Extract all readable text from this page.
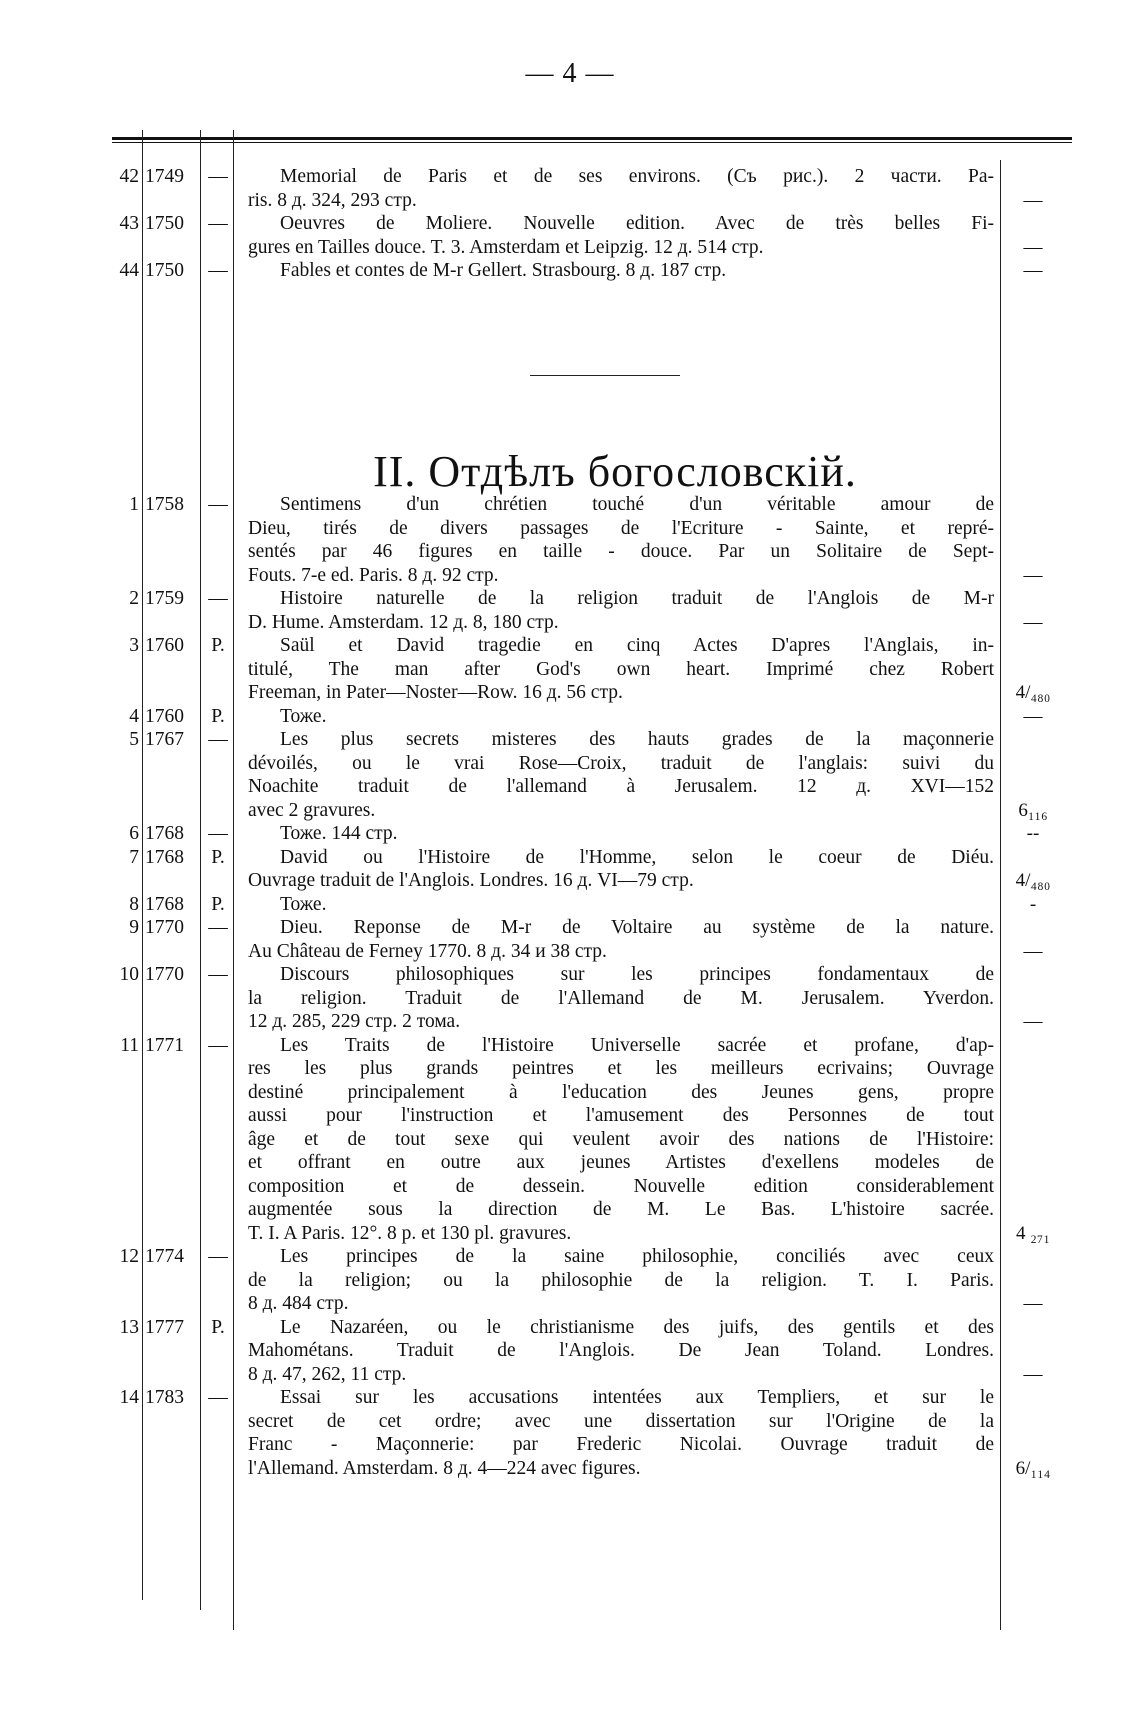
— 4 —
42 1749	—	Memorial de Paris et de ses environs. (Съ рис.). 2 части. Pa-
ris. 8 д. 324, 293 стр.	—
43 1750	—	Oeuvres de Moliere. Nouvelle edition. Avec de très belles Fi-
gures en Tailles douce. T. 3. Amsterdam et Leipzig. 12 д. 514 стр.	—
44 1750	—	Fables et contes de M-r Gellert. Strasbourg. 8 д. 187 стр.	—
II. Отдѣлъ богословскій.
1 1758	—	Sentimens d'un chrétien touché d'un véritable amour de
Dieu, tirés de divers passages de l'Ecriture - Sainte, et repré-
sentés par 46 figures en taille - douce. Par un Solitaire de Sept-
Fouts. 7-e ed. Paris. 8 д. 92 стр.	—
2 1759	—	Histoire naturelle de la religion traduit de l'Anglois de M-r
D. Hume. Amsterdam. 12 д. 8, 180 стр.	—
3 1760	P.	Saül et David tragedie en cinq Actes D'apres l'Anglais, in-
titulé, The man after God's own heart. Imprimé chez Robert
Freeman, in Pater—Noster—Row. 16 д. 56 стр.	4/₄₈₀
4 1760	P.	Тоже.	—
5 1767	—	Les plus secrets misteres des hauts grades de la maçonnerie
dévoilés, ou le vrai Rose—Croix, traduit de l'anglais: suivi du
Noachite traduit de l'allemand à Jerusalem. 12 д. XVI—152
avec 2 gravures.	6₁₁₆
6 1768	—	Тоже. 144 стр.	--
7 1768	P.	David ou l'Histoire de l'Homme, selon le coeur de Diéu.
Ouvrage traduit de l'Anglois. Londres. 16 д. VI—79 стр.	4/₄₈₀
8 1768	P.	Тоже.	-
9 1770	—	Dieu. Reponse de M-r de Voltaire au système de la nature.
Au Château de Ferney 1770. 8 д. 34 и 38 стр.	—
10 1770	—	Discours philosophiques sur les principes fondamentaux de
la religion. Traduit de l'Allemand de M. Jerusalem. Yverdon.
12 д. 285, 229 стр. 2 тома.	—
11 1771	—	Les Traits de l'Histoire Universelle sacrée et profane, d'ap-
res les plus grands peintres et les meilleurs ecrivains; Ouvrage
destiné principalement à l'education des Jeunes gens, propre
aussi pour l'instruction et l'amusement des Personnes de tout
âge et de tout sexe qui veulent avoir des nations de l'Histoire:
et offrant en outre aux jeunes Artistes d'exellens modeles de
composition et de dessein. Nouvelle edition considerablement
augmentée sous la direction de M. Le Bas. L'histoire sacrée.
T. I. A Paris. 12°. 8 p. et 130 pl. gravures.	4 ₂₇₁
12 1774	—	Les principes de la saine philosophie, conciliés avec ceux
de la religion; ou la philosophie de la religion. T. I. Paris.
8 д. 484 стр.	—
13 1777	P.	Le Nazaréen, ou le christianisme des juifs, des gentils et des
Mahométans. Traduit de l'Anglois. De Jean Toland. Londres.
8 д. 47, 262, 11 стр.	—
14 1783	—	Essai sur les accusations intentées aux Templiers, et sur le
secret de cet ordre; avec une dissertation sur l'Origine de la
Franc - Maçonnerie: par Frederic Nicolai. Ouvrage traduit de
l'Allemand. Amsterdam. 8 д. 4—224 avec figures.	6/₁₁₄
